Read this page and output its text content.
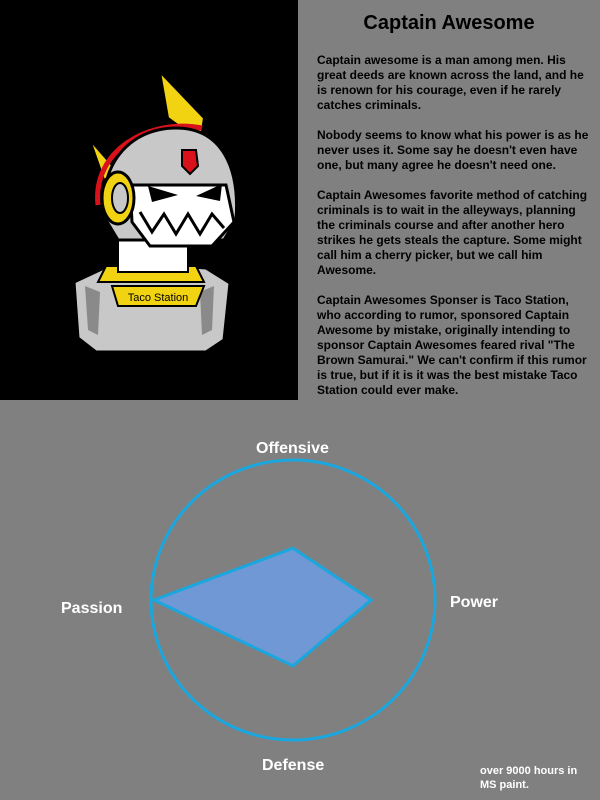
Taco Station
Captain Awesome

Captain awesome is a man among men. His great deeds are known across the land, and he is renown for his courage, even if he rarely catches criminals.

Nobody seems to know what his power is as he never uses it. Some say he doesn't even have one, but many agree he doesn't need one.

Captain Awesomes favorite method of catching criminals is to wait in the alleyways, planning the criminals course and after another hero strikes he gets steals the capture. Some might call him a cherry picker, but we call him Awesome.

Captain Awesomes Sponser is Taco Station, who according to rumor, sponsored Captain Awesome by mistake, originally intending to sponsor Captain Awesomes feared rival "The Brown Samurai." We can't confirm if this rumor is true, but if it is it was the best mistake Taco Station could ever make.

Offensive
Power
Passion
Defense	over 9000 hours in MS paint.
